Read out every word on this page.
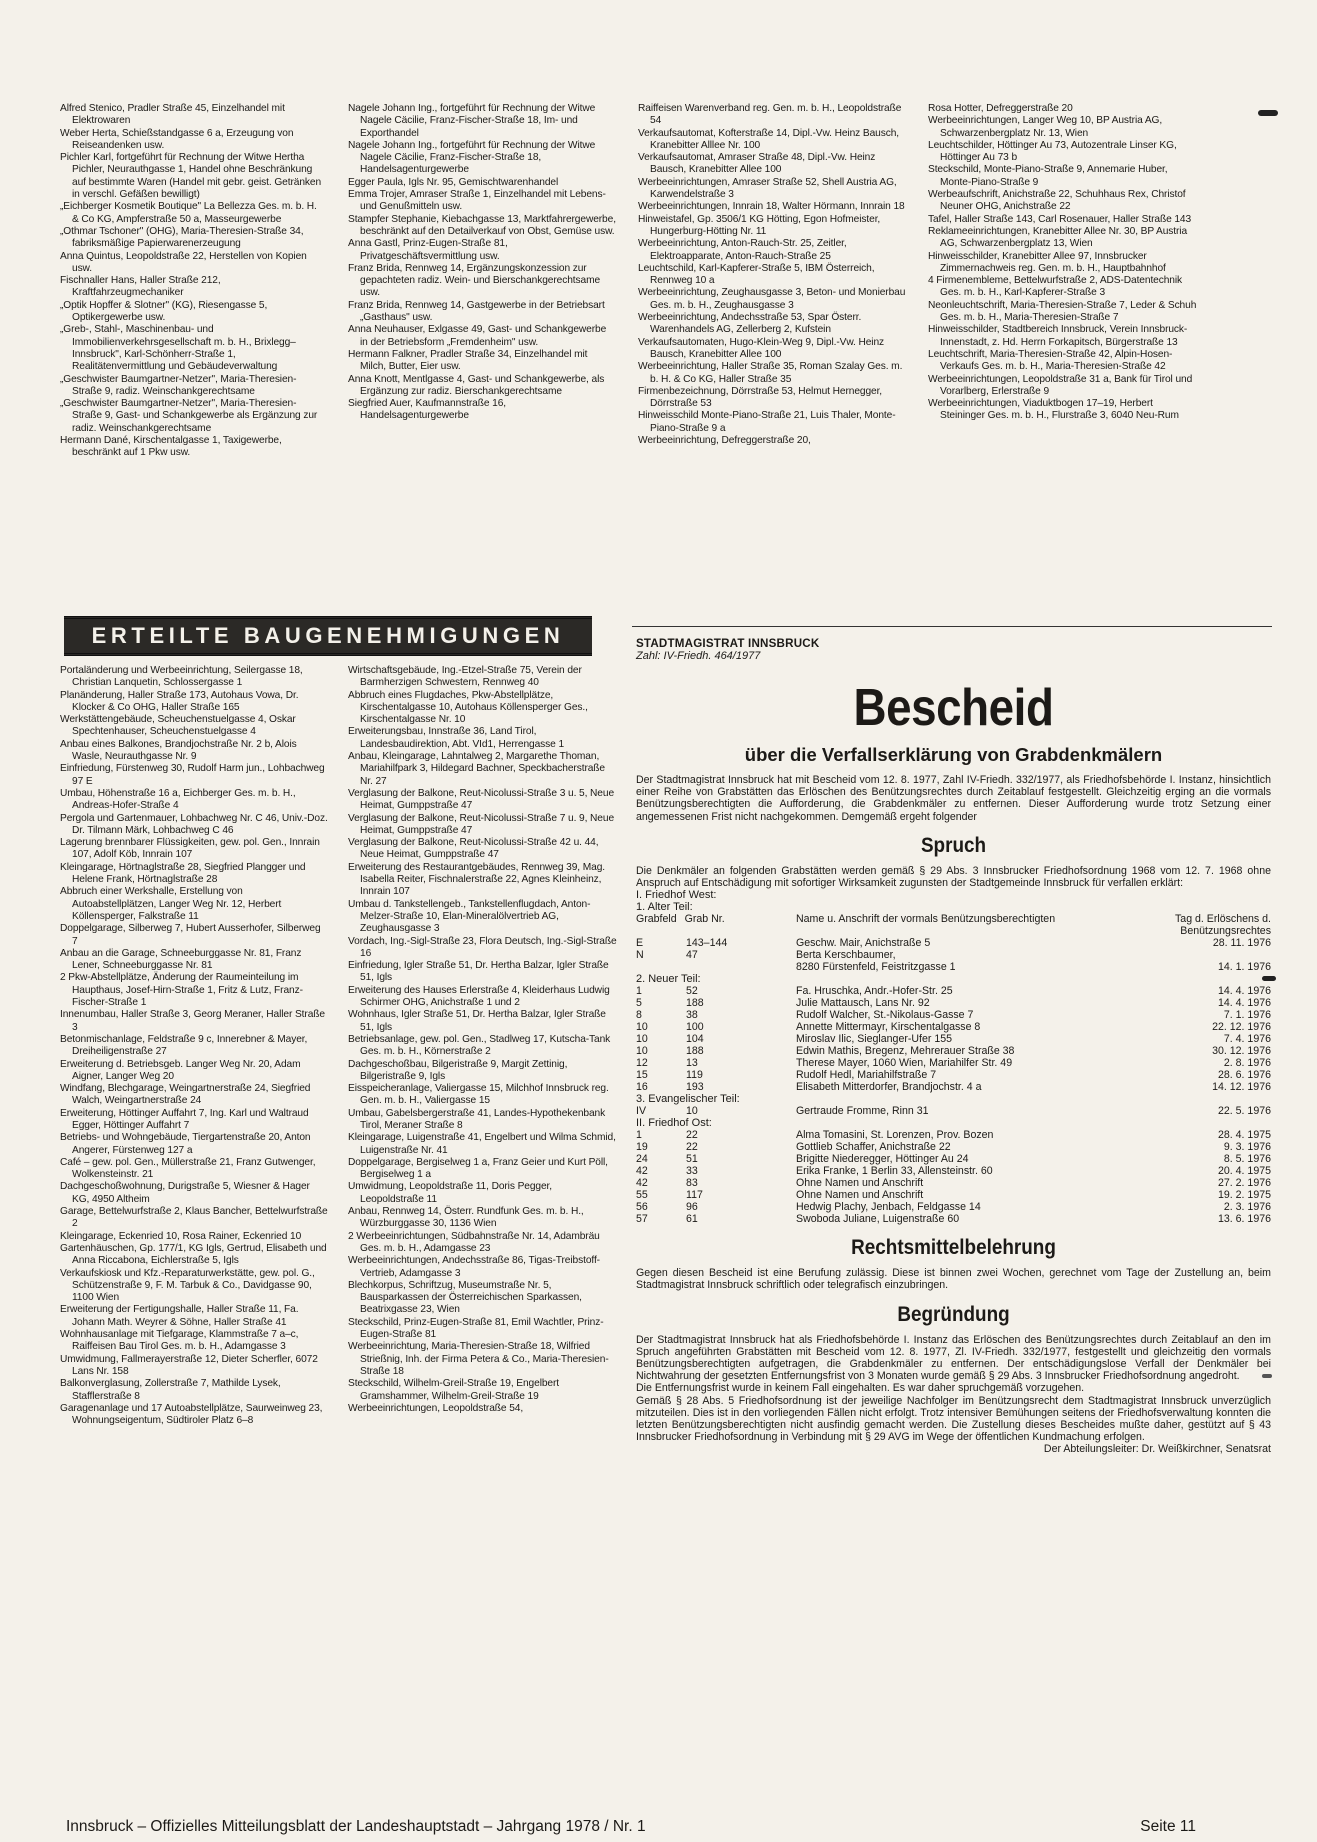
Alfred Stenico, Pradler Straße 45, Einzelhandel mit Elektrowaren

Weber Herta, Schießstandgasse 6 a, Erzeugung von Reiseandenken usw.

Pichler Karl, fortgeführt für Rechnung der Witwe Hertha Pichler, Neurauthgasse 1, Handel ohne Beschränkung auf bestimmte Waren (Handel mit gebr. geist. Getränken in verschl. Gefäßen bewilligt)

„Eichberger Kosmetik Boutique" La Bellezza Ges. m. b. H. & Co KG, Ampferstraße 50 a, Masseurgewerbe

„Othmar Tschoner" (OHG), Maria-Theresien-Straße 34, fabriksmäßige Papierwarenerzeugung

Anna Quintus, Leopoldstraße 22, Herstellen von Kopien usw.

Fischnaller Hans, Haller Straße 212, Kraftfahrzeugmechaniker

„Optik Hopffer & Slotner" (KG), Riesengasse 5, Optikergewerbe usw.

„Greb-, Stahl-, Maschinenbau- und Immobilienverkehrsgesellschaft m. b. H., Brixlegg–Innsbruck", Karl-Schönherr-Straße 1, Realitätenvermittlung und Gebäudeverwaltung

„Geschwister Baumgartner-Netzer", Maria-Theresien-Straße 9, radiz. Weinschankgerechtsame

„Geschwister Baumgartner-Netzer", Maria-Theresien-Straße 9, Gast- und Schankgewerbe als Ergänzung zur radiz. Weinschankgerechtsame

Hermann Dané, Kirschentalgasse 1, Taxigewerbe, beschränkt auf 1 Pkw usw.

Nagele Johann Ing., fortgeführt für Rechnung der Witwe Nagele Cäcilie, Franz-Fischer-Straße 18, Im- und Exporthandel

Nagele Johann Ing., fortgeführt für Rechnung der Witwe Nagele Cäcilie, Franz-Fischer-Straße 18, Handelsagenturgewerbe

Egger Paula, Igls Nr. 95, Gemischtwarenhandel

Emma Trojer, Amraser Straße 1, Einzelhandel mit Lebens- und Genußmitteln usw.

Stampfer Stephanie, Kiebachgasse 13, Marktfahrergewerbe, beschränkt auf den Detailverkauf von Obst, Gemüse usw.

Anna Gastl, Prinz-Eugen-Straße 81, Privatgeschäftsvermittlung usw.

Franz Brida, Rennweg 14, Ergänzungskonzession zur gepachteten radiz. Wein- und Bierschankgerechtsame usw.

Franz Brida, Rennweg 14, Gastgewerbe in der Betriebsart „Gasthaus" usw.

Anna Neuhauser, Exlgasse 49, Gast- und Schankgewerbe in der Betriebsform „Fremdenheim" usw.

Hermann Falkner, Pradler Straße 34, Einzelhandel mit Milch, Butter, Eier usw.

Anna Knott, Mentlgasse 4, Gast- und Schankgewerbe, als Ergänzung zur radiz. Bierschankgerechtsame

Siegfried Auer, Kaufmannstraße 16, Handelsagenturgewerbe

Raiffeisen Warenverband reg. Gen. m. b. H., Leopoldstraße 54

Verkaufsautomat, Kofterstraße 14, Dipl.-Vw. Heinz Bausch, Kranebitter Alllee Nr. 100

Verkaufsautomat, Amraser Straße 48, Dipl.-Vw. Heinz Bausch, Kranebitter Allee 100

Werbeeinrichtungen, Amraser Straße 52, Shell Austria AG, Karwendelstraße 3

Werbeeinrichtungen, Innrain 18, Walter Hörmann, Innrain 18

Hinweistafel, Gp. 3506/1 KG Hötting, Egon Hofmeister, Hungerburg-Hötting Nr. 11

Werbeeinrichtung, Anton-Rauch-Str. 25, Zeitler, Elektroapparate, Anton-Rauch-Straße 25

Leuchtschild, Karl-Kapferer-Straße 5, IBM Österreich, Rennweg 10 a

Werbeeinrichtung, Zeughausgasse 3, Beton- und Monierbau Ges. m. b. H., Zeughausgasse 3

Werbeeinrichtung, Andechsstraße 53, Spar Österr. Warenhandels AG, Zellerberg 2, Kufstein

Verkaufsautomaten, Hugo-Klein-Weg 9, Dipl.-Vw. Heinz Bausch, Kranebitter Allee 100

Werbeeinrichtung, Haller Straße 35, Roman Szalay Ges. m. b. H. & Co KG, Haller Straße 35

Firmenbezeichnung, Dörrstraße 53, Helmut Hernegger, Dörrstraße 53

Hinweisschild Monte-Piano-Straße 21, Luis Thaler, Monte-Piano-Straße 9 a

Werbeeinrichtung, Defreggerstraße 20,

Rosa Hotter, Defreggerstraße 20

Werbeeinrichtungen, Langer Weg 10, BP Austria AG, Schwarzenbergplatz Nr. 13, Wien

Leuchtschilder, Höttinger Au 73, Autozentrale Linser KG, Höttinger Au 73 b

Steckschild, Monte-Piano-Straße 9, Annemarie Huber, Monte-Piano-Straße 9

Werbeaufschrift, Anichstraße 22, Schuhhaus Rex, Christof Neuner OHG, Anichstraße 22

Tafel, Haller Straße 143, Carl Rosenauer, Haller Straße 143

Reklameeinrichtungen, Kranebitter Allee Nr. 30, BP Austria AG, Schwarzenbergplatz 13, Wien

Hinweisschilder, Kranebitter Allee 97, Innsbrucker Zimmernachweis reg. Gen. m. b. H., Hauptbahnhof

4 Firmenembleme, Bettelwurfstraße 2, ADS-Datentechnik Ges. m. b. H., Karl-Kapferer-Straße 3

Neonleuchtschrift, Maria-Theresien-Straße 7, Leder & Schuh Ges. m. b. H., Maria-Theresien-Straße 7

Hinweisschilder, Stadtbereich Innsbruck, Verein Innsbruck-Innenstadt, z. Hd. Herrn Forkapitsch, Bürgerstraße 13

Leuchtschrift, Maria-Theresien-Straße 42, Alpin-Hosen-Verkaufs Ges. m. b. H., Maria-Theresien-Straße 42

Werbeeinrichtungen, Leopoldstraße 31 a, Bank für Tirol und Vorarlberg, Erlerstraße 9

Werbeeinrichtungen, Viaduktbogen 17–19, Herbert Steininger Ges. m. b. H., Flurstraße 3, 6040 Neu-Rum

ERTEILTE BAUGENEHMIGUNGEN

Portaländerung und Werbeeinrichtung, Seilergasse 18, Christian Lanquetin, Schlossergasse 1

Planänderung, Haller Straße 173, Autohaus Vowa, Dr. Klocker & Co OHG, Haller Straße 165

Werkstättengebäude, Scheuchenstuelgasse 4, Oskar Spechtenhauser, Scheuchenstuelgasse 4

Anbau eines Balkones, Brandjochstraße Nr. 2 b, Alois Wasle, Neurauthgasse Nr. 9

Einfriedung, Fürstenweg 30, Rudolf Harm jun., Lohbachweg 97 E

Umbau, Höhenstraße 16 a, Eichberger Ges. m. b. H., Andreas-Hofer-Straße 4

Pergola und Gartenmauer, Lohbachweg Nr. C 46, Univ.-Doz. Dr. Tilmann Märk, Lohbachweg C 46

Lagerung brennbarer Flüssigkeiten, gew. pol. Gen., Innrain 107, Adolf Köb, Innrain 107

Kleingarage, Hörtnaglstraße 28, Siegfried Plangger und Helene Frank, Hörtnaglstraße 28

Abbruch einer Werkshalle, Erstellung von Autoabstellplätzen, Langer Weg Nr. 12, Herbert Köllensperger, Falkstraße 11

Doppelgarage, Silberweg 7, Hubert Ausserhofer, Silberweg 7

Anbau an die Garage, Schneeburggasse Nr. 81, Franz Lener, Schneeburggasse Nr. 81

2 Pkw-Abstellplätze, Änderung der Raumeinteilung im Haupthaus, Josef-Hirn-Straße 1, Fritz & Lutz, Franz-Fischer-Straße 1

Innenumbau, Haller Straße 3, Georg Meraner, Haller Straße 3

Betonmischanlage, Feldstraße 9 c, Innerebner & Mayer, Dreiheiligenstraße 27

Erweiterung d. Betriebsgeb. Langer Weg Nr. 20, Adam Aigner, Langer Weg 20

Windfang, Blechgarage, Weingartnerstraße 24, Siegfried Walch, Weingartnerstraße 24

Erweiterung, Höttinger Auffahrt 7, Ing. Karl und Waltraud Egger, Höttinger Auffahrt 7

Betriebs- und Wohngebäude, Tiergartenstraße 20, Anton Angerer, Fürstenweg 127 a

Café – gew. pol. Gen., Müllerstraße 21, Franz Gutwenger, Wolkensteinstr. 21

Dachgeschoßwohnung, Durigstraße 5, Wiesner & Hager KG, 4950 Altheim

Garage, Bettelwurfstraße 2, Klaus Bancher, Bettelwurfstraße 2

Kleingarage, Eckenried 10, Rosa Rainer, Eckenried 10

Gartenhäuschen, Gp. 177/1, KG Igls, Gertrud, Elisabeth und Anna Riccabona, Eichlerstraße 5, Igls

Verkaufskiosk und Kfz.-Reparaturwerkstätte, gew. pol. G., Schützenstraße 9, F. M. Tarbuk & Co., Davidgasse 90, 1100 Wien

Erweiterung der Fertigungshalle, Haller Straße 11, Fa. Johann Math. Weyrer & Söhne, Haller Straße 41

Wohnhausanlage mit Tiefgarage, Klammstraße 7 a–c, Raiffeisen Bau Tirol Ges. m. b. H., Adamgasse 3

Umwidmung, Fallmerayerstraße 12, Dieter Scherfler, 6072 Lans Nr. 158

Balkonverglasung, Zollerstraße 7, Mathilde Lysek, Stafflerstraße 8

Garagenanlage und 17 Autoabstellplätze, Saurweinweg 23, Wohnungseigentum, Südtiroler Platz 6–8

Wirtschaftsgebäude, Ing.-Etzel-Straße 75, Verein der Barmherzigen Schwestern, Rennweg 40

Abbruch eines Flugdaches, Pkw-Abstellplätze, Kirschentalgasse 10, Autohaus Köllensperger Ges., Kirschentalgasse Nr. 10

Erweiterungsbau, Innstraße 36, Land Tirol, Landesbaudirektion, Abt. VId1, Herrengasse 1

Anbau, Kleingarage, Lahntalweg 2, Margarethe Thoman, Mariahilfpark 3, Hildegard Bachner, Speckbacherstraße Nr. 27

Verglasung der Balkone, Reut-Nicolussi-Straße 3 u. 5, Neue Heimat, Gumppstraße 47

Verglasung der Balkone, Reut-Nicolussi-Straße 7 u. 9, Neue Heimat, Gumppstraße 47

Verglasung der Balkone, Reut-Nicolussi-Straße 42 u. 44, Neue Heimat, Gumppstraße 47

Erweiterung des Restaurantgebäudes, Rennweg 39, Mag. Isabella Reiter, Fischnalerstraße 22, Agnes Kleinheinz, Innrain 107

Umbau d. Tankstellengeb., Tankstellenflugdach, Anton-Melzer-Straße 10, Elan-Mineralölvertrieb AG, Zeughausgasse 3

Vordach, Ing.-Sigl-Straße 23, Flora Deutsch, Ing.-Sigl-Straße 16

Einfriedung, Igler Straße 51, Dr. Hertha Balzar, Igler Straße 51, Igls

Erweiterung des Hauses Erlerstraße 4, Kleiderhaus Ludwig Schirmer OHG, Anichstraße 1 und 2

Wohnhaus, Igler Straße 51, Dr. Hertha Balzar, Igler Straße 51, Igls

Betriebsanlage, gew. pol. Gen., Stadlweg 17, Kutscha-Tank Ges. m. b. H., Körnerstraße 2

Dachgeschoßbau, Bilgeristraße 9, Margit Zettinig, Bilgeristraße 9, Igls

Eisspeicheranlage, Valiergasse 15, Milchhof Innsbruck reg. Gen. m. b. H., Valiergasse 15

Umbau, Gabelsbergerstraße 41, Landes-Hypothekenbank Tirol, Meraner Straße 8

Kleingarage, Luigenstraße 41, Engelbert und Wilma Schmid, Luigenstraße Nr. 41

Doppelgarage, Bergiselweg 1 a, Franz Geier und Kurt Pöll, Bergiselweg 1 a

Umwidmung, Leopoldstraße 11, Doris Pegger, Leopoldstraße 11

Anbau, Rennweg 14, Österr. Rundfunk Ges. m. b. H., Würzburggasse 30, 1136 Wien

2 Werbeeinrichtungen, Südbahnstraße Nr. 14, Adambräu Ges. m. b. H., Adamgasse 23

Werbeeinrichtungen, Andechsstraße 86, Tigas-Treibstoff-Vertrieb, Adamgasse 3

Blechkorpus, Schriftzug, Museumstraße Nr. 5, Bausparkassen der Österreichischen Sparkassen, Beatrixgasse 23, Wien

Steckschild, Prinz-Eugen-Straße 81, Emil Wachtler, Prinz-Eugen-Straße 81

Werbeeinrichtung, Maria-Theresien-Straße 18, Wilfried Strießnig, Inh. der Firma Petera & Co., Maria-Theresien-Straße 18

Steckschild, Wilhelm-Greil-Straße 19, Engelbert Gramshammer, Wilhelm-Greil-Straße 19

Werbeeinrichtungen, Leopoldstraße 54,

STADTMAGISTRAT INNSBRUCK
Zahl: IV-Friedh. 464/1977
Bescheid
über die Verfallserklärung von Grabdenkmälern

Der Stadtmagistrat Innsbruck hat mit Bescheid vom 12. 8. 1977, Zahl IV-Friedh. 332/1977, als Friedhofsbehörde I. Instanz, hinsichtlich einer Reihe von Grabstätten das Erlöschen des Benützungsrechtes durch Zeitablauf festgestellt. Gleichzeitig erging an die vormals Benützungsberechtigten die Aufforderung, die Grabdenkmäler zu entfernen. Dieser Aufforderung wurde trotz Setzung einer angemessenen Frist nicht nachgekommen. Demgemäß ergeht folgender

Spruch

Die Denkmäler an folgenden Grabstätten werden gemäß § 29 Abs. 3 Innsbrucker Friedhofsordnung 1968 vom 12. 7. 1968 ohne Anspruch auf Entschädigung mit sofortiger Wirksamkeit zugunsten der Stadtgemeinde Innsbruck für verfallen erklärt:

I. Friedhof West:			
1. Alter Teil:			
Grabfeld Grab Nr.		Name u. Anschrift der vormals Benützungsberechtigten	Tag d. Erlöschens d. Benützungsrechtes
E	143–144	Geschw. Mair, Anichstraße 5	28. 11. 1976
N	47	Berta Kerschbaumer,	
		8280 Fürstenfeld, Feistritzgasse 1	14. 1. 1976
2. Neuer Teil:			
1	52	Fa. Hruschka, Andr.-Hofer-Str. 25	14. 4. 1976
5	188	Julie Mattausch, Lans Nr. 92	14. 4. 1976
8	38	Rudolf Walcher, St.-Nikolaus-Gasse 7	7. 1. 1976
10	100	Annette Mittermayr, Kirschentalgasse 8	22. 12. 1976
10	104	Miroslav Ilic, Sieglanger-Ufer 155	7. 4. 1976
10	188	Edwin Mathis, Bregenz, Mehrerauer Straße 38	30. 12. 1976
12	13	Therese Mayer, 1060 Wien, Mariahilfer Str. 49	2. 8. 1976
15	119	Rudolf Hedl, Mariahilfstraße 7	28. 6. 1976
16	193	Elisabeth Mitterdorfer, Brandjochstr. 4 a	14. 12. 1976
3. Evangelischer Teil:			
IV	10	Gertraude Fromme, Rinn 31	22. 5. 1976
II. Friedhof Ost:			
1	22	Alma Tomasini, St. Lorenzen, Prov. Bozen	28. 4. 1975
19	22	Gottlieb Schaffer, Anichstraße 22	9. 3. 1976
24	51	Brigitte Niederegger, Höttinger Au 24	8. 5. 1976
42	33	Erika Franke, 1 Berlin 33, Allensteinstr. 60	20. 4. 1975
42	83	Ohne Namen und Anschrift	27. 2. 1976
55	117	Ohne Namen und Anschrift	19. 2. 1975
56	96	Hedwig Plachy, Jenbach, Feldgasse 14	2. 3. 1976
57	61	Swoboda Juliane, Luigenstraße 60	13. 6. 1976
Rechtsmittelbelehrung

Gegen diesen Bescheid ist eine Berufung zulässig. Diese ist binnen zwei Wochen, gerechnet vom Tage der Zustellung an, beim Stadtmagistrat Innsbruck schriftlich oder telegrafisch einzubringen.

Begründung

Der Stadtmagistrat Innsbruck hat als Friedhofsbehörde I. Instanz das Erlöschen des Benützungsrechtes durch Zeitablauf an den im Spruch angeführten Grabstätten mit Bescheid vom 12. 8. 1977, Zl. IV-Friedh. 332/1977, festgestellt und gleichzeitig den vormals Benützungsberechtigten aufgetragen, die Grabdenkmäler zu entfernen. Der entschädigungslose Verfall der Denkmäler bei Nichtwahrung der gesetzten Entfernungsfrist von 3 Monaten wurde gemäß § 29 Abs. 3 Innsbrucker Friedhofsordnung angedroht.

Die Entfernungsfrist wurde in keinem Fall eingehalten. Es war daher spruchgemäß vorzugehen.

Gemäß § 28 Abs. 5 Friedhofsordnung ist der jeweilige Nachfolger im Benützungsrecht dem Stadtmagistrat Innsbruck unverzüglich mitzuteilen. Dies ist in den vorliegenden Fällen nicht erfolgt. Trotz intensiver Bemühungen seitens der Friedhofsverwaltung konnten die letzten Benützungsberechtigten nicht ausfindig gemacht werden. Die Zustellung dieses Bescheides mußte daher, gestützt auf § 43 Innsbrucker Friedhofsordnung in Verbindung mit § 29 AVG im Wege der öffentlichen Kundmachung erfolgen.

Der Abteilungsleiter: Dr. Weißkirchner, Senatsrat

Innsbruck – Offizielles Mitteilungsblatt der Landeshauptstadt – Jahrgang 1978 / Nr. 1	Seite 11
